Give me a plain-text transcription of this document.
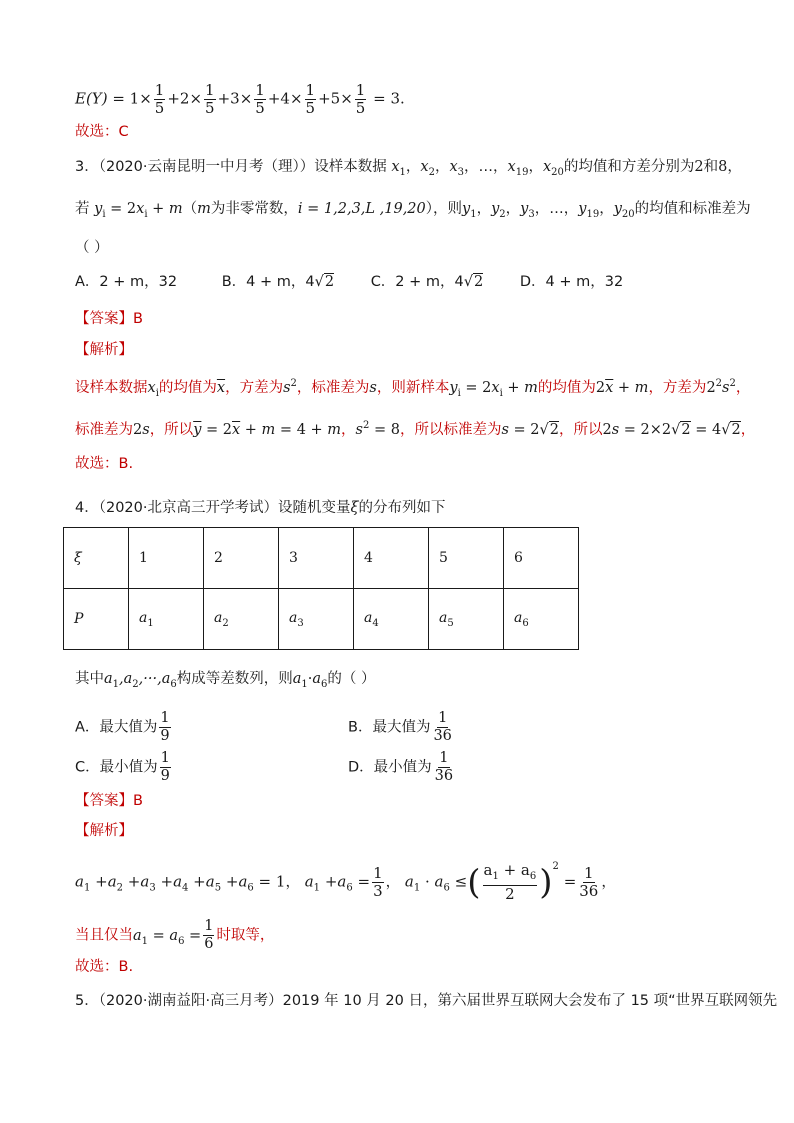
$E(Y) = 1\times \frac{1}{5} +2\times \frac{1}{5} +3\times \frac{1}{5} +4\times \frac{1}{5} +5\times \frac{1}{5} = 3$.
故选：C
3．（2020·云南昆明一中月考（理））设样本数据 $x_1$，$x_2$，$x_3$，…，$x_{19}$，$x_{20}$的均值和方差分别为2和8，
若 $y_i = 2x_i + m(m$为非零常数，i = 1,2,3,L ,19,20），则$y_1$，$y_2$，$y_3$，…，$y_{19}$，$y_{20}$的均值和标准差为
（ ）
A．2 + m，32	B．4 + m，4√2	C．2 + m，4√2	D．4 + m，32
【答案】B
【解析】
设样本数据$x_i$的均值为$\overline{x}$，方差为$s^2$，标准差为s，则新样本$y_i = 2x_i + m$的均值为$2\overline{x} + m$，方差为$2^2s^2$，
标准差为2s，所以$\overline{y} = 2\overline{x} + m = 4 + m$，$s^2 = 8$，所以标准差为s = 2√2，所以2s = 2×2√2 = 4√2，
故选：B.
4．（2020·北京高三开学考试）设随机变量ξ的分布列如下
ξ	1	2	3	4	5	6
P	$a_1$	$a_2$	$a_3$	$a_4$	$a_5$	$a_6$
其中$a_1,a_2,\cdot\cdot\cdot,a_6$构成等差数列，则$a_1\cdot a_6$的（ ）
A．最大值为 $\frac{1}{9}$	B．最大值为 $\frac{1}{36}$
C．最小值为 $\frac{1}{9}$	D．最小值为 $\frac{1}{36}$
【答案】B
【解析】
$a_1 +a_2 +a_3 +a_4 +a_5 +a_6 = 1$， $a_1 +a_6 = \frac{1}{3}$ ， $a_1 \cdot a_6$ ≤( $\frac{a_1 + a_6}{2} )^2 = \frac{1}{36}$ ，
当且仅当$a_1 = a_6 = \frac{1}{6}$ 时取等，
故选：B.
5．（2020·湖南益阳·高三月考）2019 年 10 月 20 日，第六届世界互联网大会发布了 15 项“世界互联网领先
